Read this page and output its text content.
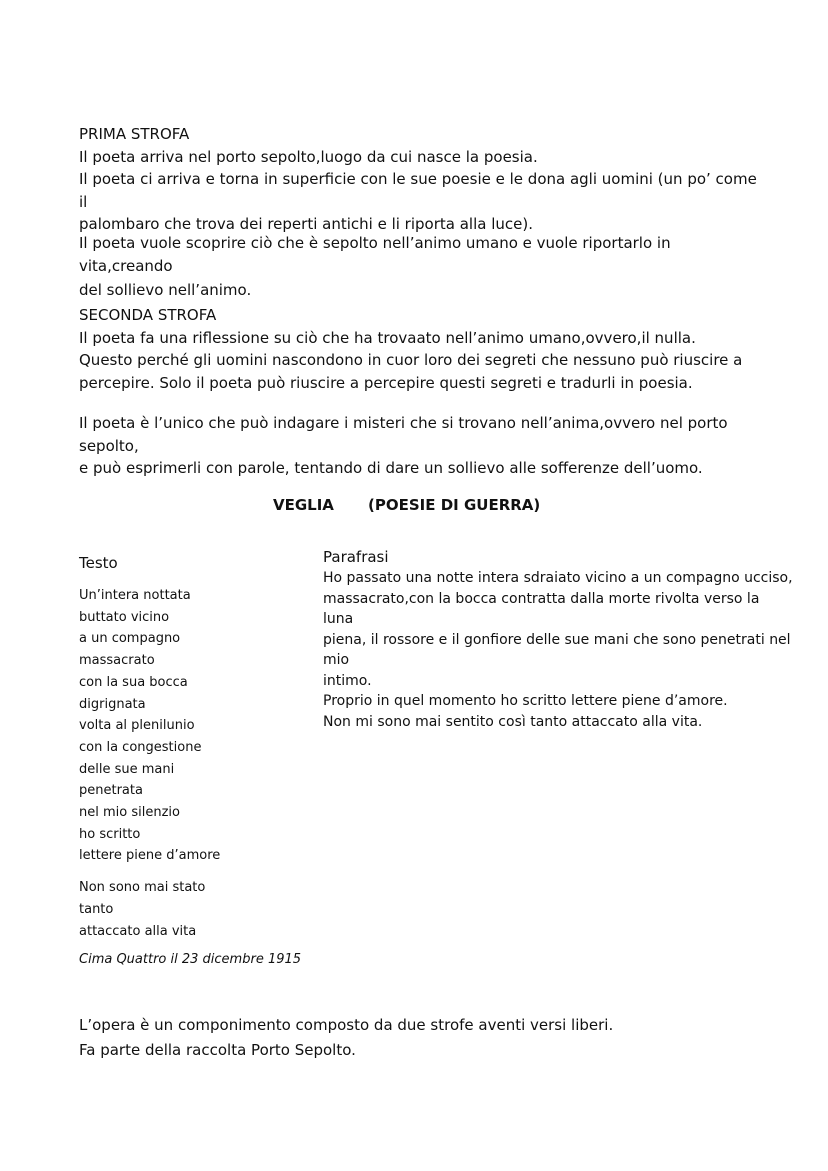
PRIMA STROFA

Il poeta arriva nel porto sepolto,luogo da cui nasce la poesia.

Il poeta ci arriva e torna in superficie con le sue poesie e le dona agli uomini (un po’ come il

palombaro che trova dei reperti antichi e li riporta alla luce).

Il poeta vuole scoprire ciò che è sepolto nell’animo umano e vuole riportarlo in vita,creando

del sollievo nell’animo.

SECONDA STROFA

Il poeta fa una riflessione su ciò che ha trovaato nell’animo umano,ovvero,il nulla.

Questo perché gli uomini nascondono in cuor loro dei segreti che nessuno può riuscire a

percepire. Solo il poeta può riuscire a percepire questi segreti e tradurli in poesia.

Il poeta è l’unico che può indagare i misteri che si trovano nell’anima,ovvero nel porto sepolto,

e può esprimerli con parole, tentando di dare un sollievo alle sofferenze dell’uomo.

VEGLIA (POESIE DI GUERRA)
Testo
Un’intera nottata
buttato vicino
a un compagno
massacrato
con la sua bocca
digrignata
volta al plenilunio
con la congestione
delle sue mani
penetrata
nel mio silenzio
ho scritto
lettere piene d’amore
Non sono mai stato
tanto
attaccato alla vita
Cima Quattro il 23 dicembre 1915

Parafrasi

Ho passato una notte intera sdraiato vicino a un compagno ucciso,

massacrato,con la bocca contratta dalla morte rivolta verso la luna

piena, il rossore e il gonfiore delle sue mani che sono penetrati nel mio

intimo.

Proprio in quel momento ho scritto lettere piene d’amore.

Non mi sono mai sentito così tanto attaccato alla vita.

L’opera è un componimento composto da due strofe aventi versi liberi.

Fa parte della raccolta Porto Sepolto.
